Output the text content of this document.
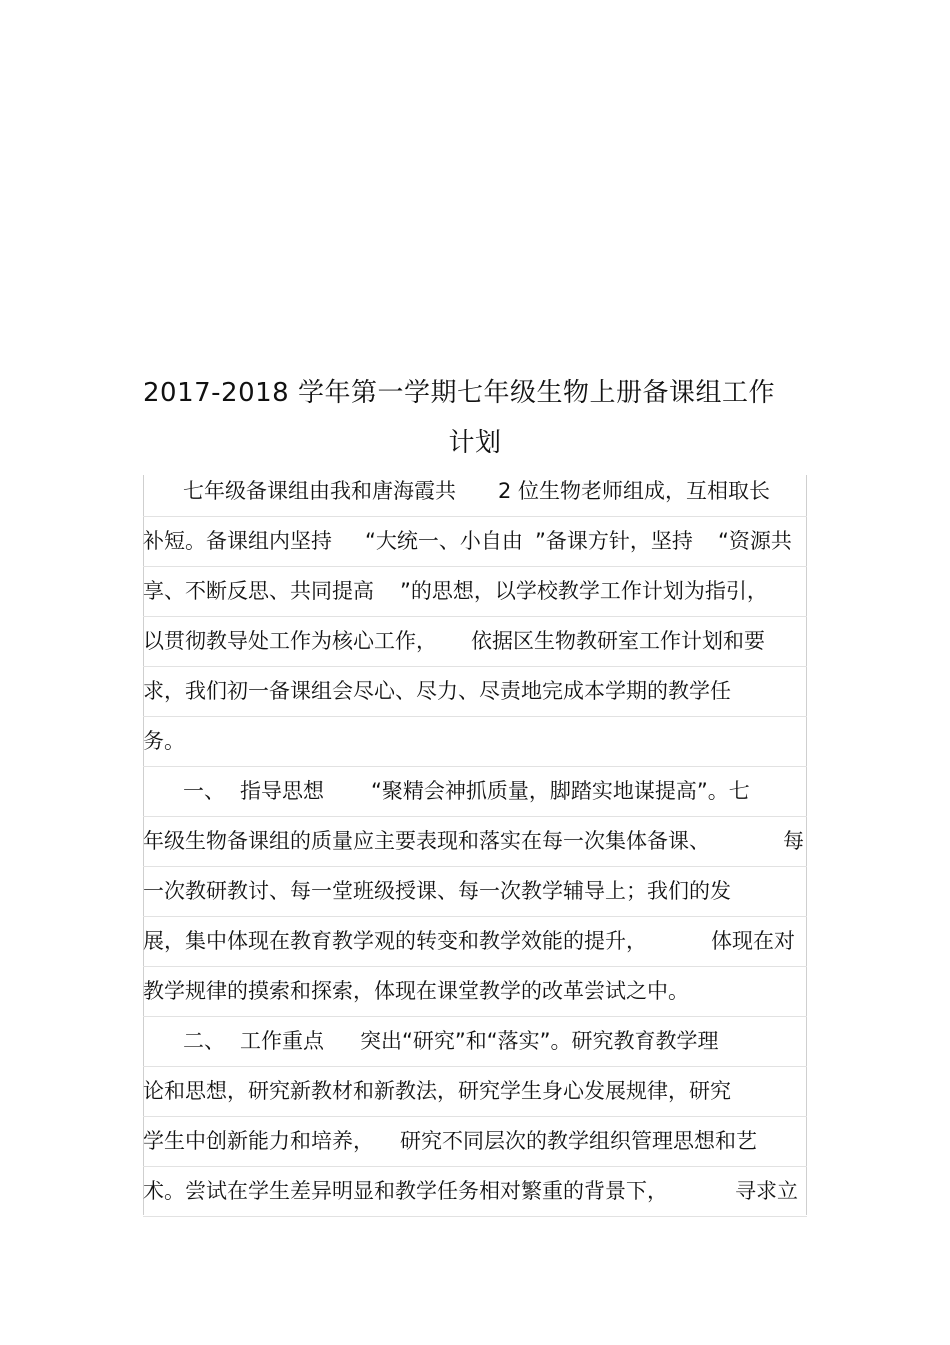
2017-2018 学年第一学期七年级生物上册备课组工作
计划
七年级备课组由我和唐海霞共 2 位生物老师组成，互相取长
补短。备课组内坚持 “大统一、小自由 ”备课方针，坚持 “资源共
享、不断反思、共同提高 ”的思想，以学校教学工作计划为指引，
以贯彻教导处工作为核心工作， 依据区生物教研室工作计划和要
求，我们初一备课组会尽心、尽力、尽责地完成本学期的教学任
务。
一、 指导思想 “聚精会神抓质量，脚踏实地谋提高”。七
年级生物备课组的质量应主要表现和落实在每一次集体备课、	每
一次教研教讨、每一堂班级授课、每一次教学辅导上；我们的发
展，集中体现在教育教学观的转变和教学效能的提升，	体现在对
教学规律的摸索和探索，体现在课堂教学的改革尝试之中。
二、 工作重点 突出“研究”和“落实”。研究教育教学理
论和思想，研究新教材和新教法，研究学生身心发展规律，研究
学生中创新能力和培养， 研究不同层次的教学组织管理思想和艺
术。尝试在学生差异明显和教学任务相对繁重的背景下，	寻求立
